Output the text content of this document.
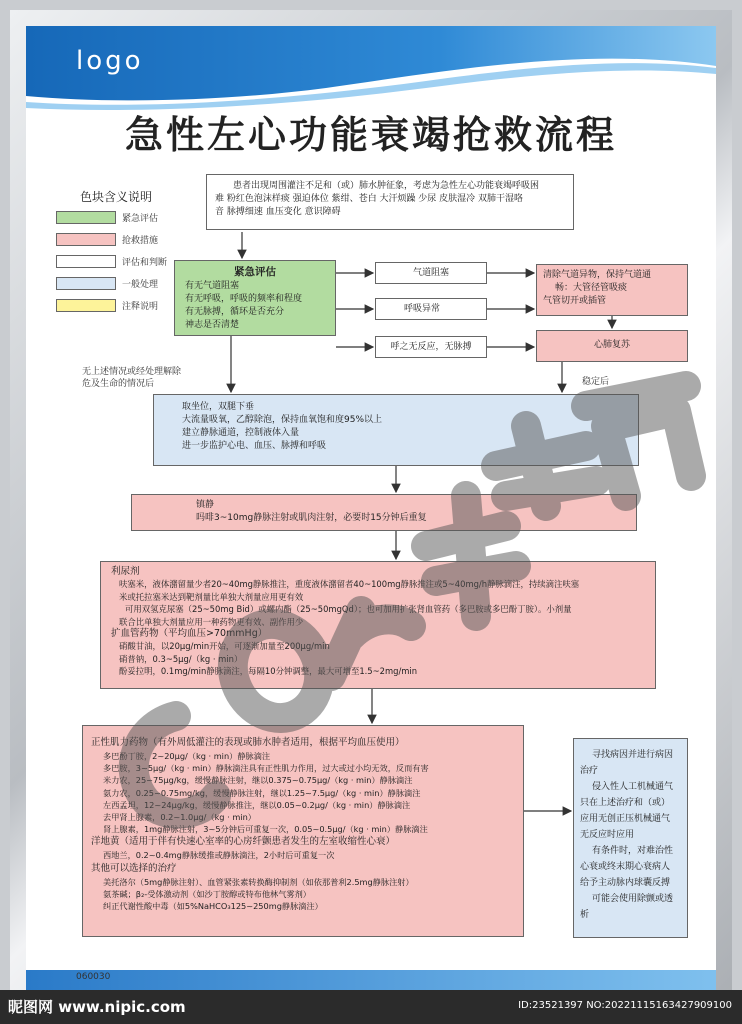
logo
急性左心功能衰竭抢救流程
色块含义说明
紧急评估
抢救措施
评估和判断
一般处理
注释说明
患者出现周围灌注不足和（或）肺水肿征象，考虑为急性左心功能衰竭呼吸困
难 粉红色泡沫样痰 强迫体位 紫绀、苍白 大汗烦躁 少尿 皮肤湿冷 双肺干湿咯
音 脉搏细速 血压变化 意识障碍
紧急评估
有无气道阻塞
有无呼吸，呼吸的频率和程度
有无脉搏，循环是否充分
神志是否清楚
气道阻塞
呼吸异常
呼之无反应，无脉搏
清除气道异物，保持气道通
畅：大管径管吸痰
气管切开或插管
心肺复苏
无上述情况或经处理解除
危及生命的情况后	稳定后
取坐位，双腿下垂
大流量吸氧，乙醇除泡，保持血氧饱和度95%以上
建立静脉通道，控制液体入量
进一步监护心电、血压、脉搏和呼吸
镇静
吗啡3~10mg静脉注射或肌肉注射，必要时15分钟后重复
利尿剂
呋塞米，液体潴留量少者20~40mg静脉推注，重度液体潴留者40~100mg静脉推注或5~40mg/h静脉滴注，持续滴注呋塞
米或托拉塞米达到靶剂量比单独大剂量应用更有效
可用双氢克尿塞（25~50mg Bid）或螺内酯（25~50mgQd）；也可加用扩张肾血管药（多巴胺或多巴酚丁胺）。小剂量
联合比单独大剂量应用一种药物更有效、副作用少
扩血管药物（平均血压>70mmHg）
硝酸甘油，以20μg/min开始，可逐渐加量至200μg/min
硝普钠，0.3~5μg/（kg · min）
酚妥拉明，0.1mg/min静脉滴注，每隔10分钟调整，最大可增至1.5~2mg/min
正性肌力药物（有外周低灌注的表现或肺水肿者适用，根据平均血压使用）
多巴酚丁胺，2~20μg/（kg · min）静脉滴注
多巴胺，3~5μg/（kg · min）静脉滴注具有正性肌力作用，过大或过小均无效，反而有害
米力农，25~75μg/kg，缓慢静脉注射，继以0.375~0.75μg/（kg · min）静脉滴注
氨力农，0.25~0.75mg/kg，缓慢静脉注射，继以1.25~7.5μg/（kg · min）静脉滴注
左西孟坦，12~24μg/kg，缓慢静脉推注，继以0.05~0.2μg/（kg · min）静脉滴注
去甲肾上腺素，0.2~1.0μg/（kg · min）
肾上腺素，1mg静脉注射，3~5分钟后可重复一次，0.05~0.5μg/（kg · min）静脉滴注
洋地黄（适用于伴有快速心室率的心房纤颤患者发生的左室收缩性心衰）
西地兰，0.2~0.4mg静脉缓推或静脉滴注，2小时后可重复一次
其他可以选择的治疗
美托洛尔（5mg静脉注射）、血管紧张素转换酶抑制剂（如依那普利2.5mg静脉注射）
氨茶碱；β₂-受体激动剂（如沙丁胺醇或特布他林气雾剂）
纠正代谢性酸中毒（如5%NaHCO₃125~250mg静脉滴注）
寻找病因并进行病因
治疗
侵入性人工机械通气
只在上述治疗和（或）
应用无创正压机械通气
无反应时应用
有条件时，对难治性
心衰或终末期心衰病人
给予主动脉内球囊反搏
可能会使用除颤或透
析
060030
昵图网 www.nipic.com	ID:23521397 NO:20221115163427909100
